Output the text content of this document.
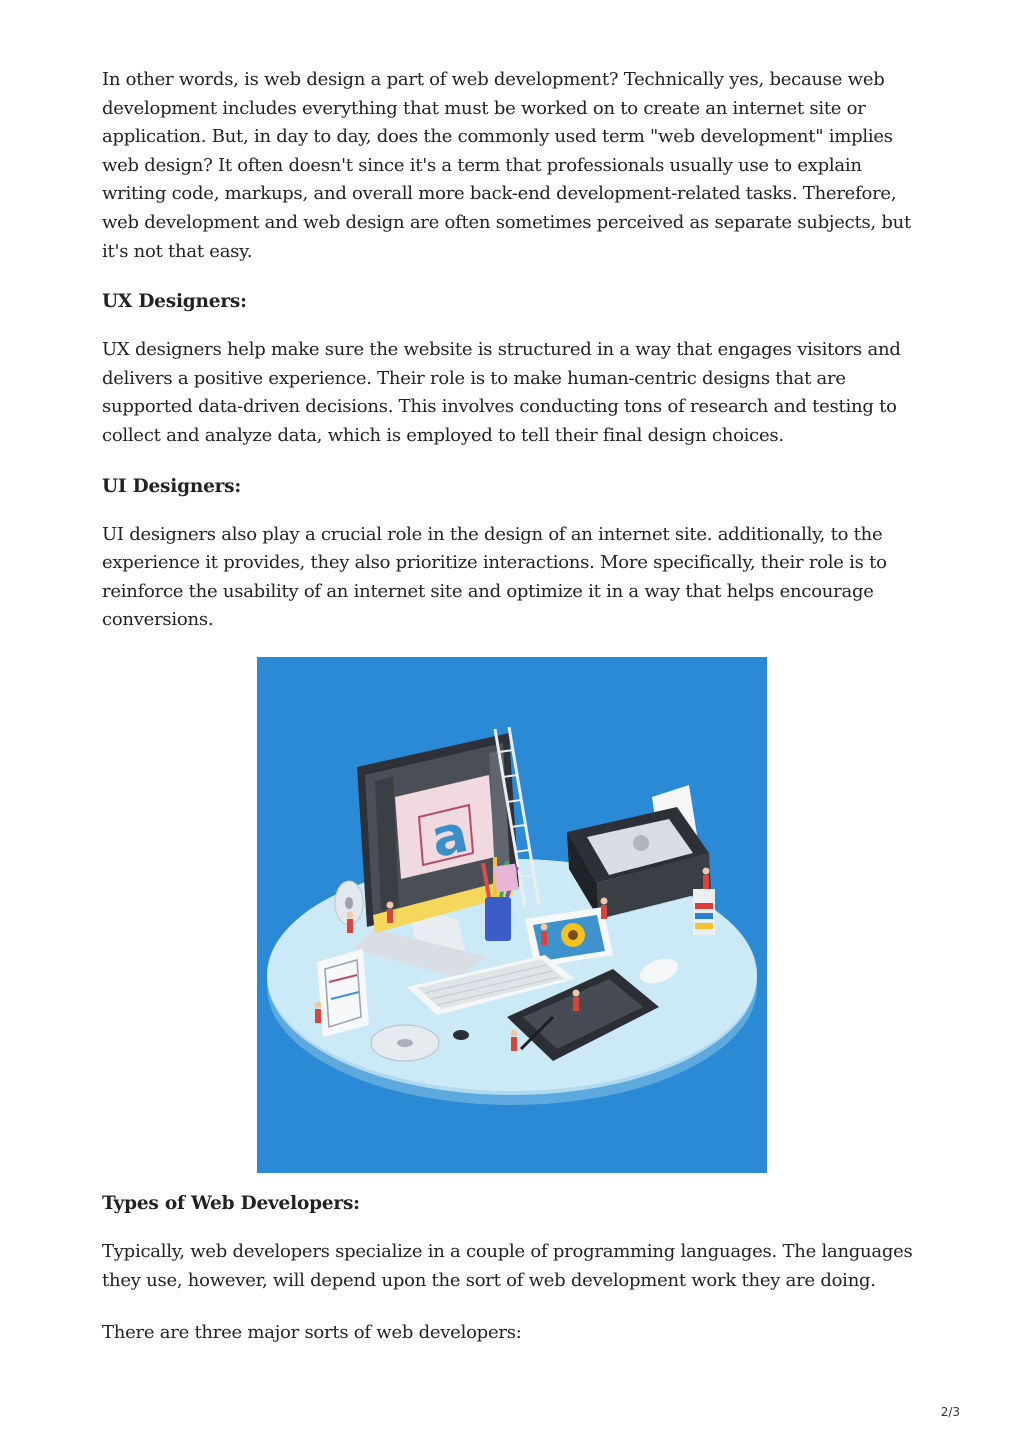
In other words, is web design a part of web development? Technically yes, because web development includes everything that must be worked on to create an internet site or application. But, in day to day, does the commonly used term "web development" implies web design? It often doesn't since it's a term that professionals usually use to explain writing code, markups, and overall more back-end development-related tasks. Therefore, web development and web design are often sometimes perceived as separate subjects, but it's not that easy.

UX Designers:

UX designers help make sure the website is structured in a way that engages visitors and delivers a positive experience. Their role is to make human-centric designs that are supported data-driven decisions. This involves conducting tons of research and testing to collect and analyze data, which is employed to tell their final design choices.

UI Designers:

UI designers also play a crucial role in the design of an internet site. additionally, to the experience it provides, they also prioritize interactions. More specifically, their role is to reinforce the usability of an internet site and optimize it in a way that helps encourage conversions.

a
Types of Web Developers:

Typically, web developers specialize in a couple of programming languages. The languages they use, however, will depend upon the sort of web development work they are doing.

There are three major sorts of web developers:

2/3
